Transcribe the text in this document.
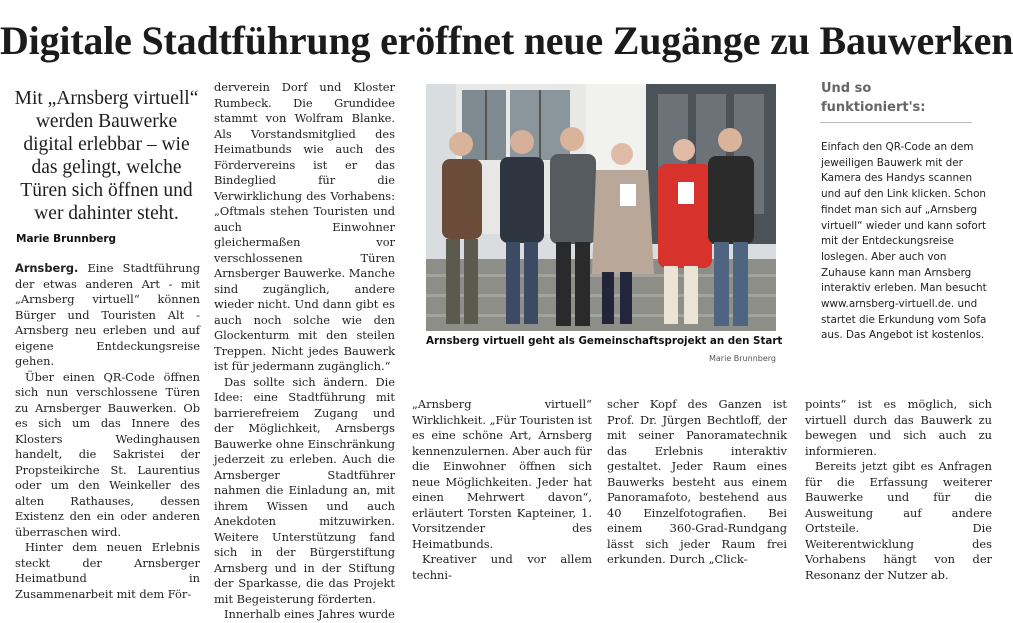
Digitale Stadtführung eröffnet neue Zugänge zu Bauwerken
Mit „Arnsberg virtuell“ werden Bauwerke digital erlebbar – wie das gelingt, welche Türen sich öffnen und wer dahinter steht.
Marie Brunnberg

Arnsberg. Eine Stadtführung der etwas anderen Art - mit „Arnsberg virtuell“ können Bürger und Touristen Alt - Arnsberg neu erleben und auf eigene Entdeckungsreise gehen.

Über einen QR-Code öffnen sich nun verschlossene Türen zu Arnsberger Bauwerken. Ob es sich um das Innere des Klosters Wedinghausen handelt, die Sakristei der Propsteikirche St. Laurentius oder um den Weinkeller des alten Rathauses, dessen Existenz den ein oder anderen überraschen wird.

Hinter dem neuen Erlebnis steckt der Arnsberger Heimatbund in Zusammenarbeit mit dem För-

derverein Dorf und Kloster Rumbeck. Die Grundidee stammt von Wolfram Blanke. Als Vorstandsmitglied des Heimatbunds wie auch des Fördervereins ist er das Bindeglied für die Verwirklichung des Vorhabens: „Oftmals stehen Touristen und auch Einwohner gleichermaßen vor verschlossenen Türen Arnsberger Bauwerke. Manche sind zugänglich, andere wieder nicht. Und dann gibt es auch noch solche wie den Glockenturm mit den steilen Treppen. Nicht jedes Bauwerk ist für jedermann zugänglich.“

Das sollte sich ändern. Die Idee: eine Stadtführung mit barrierefreiem Zugang und der Möglichkeit, Arnsbergs Bauwerke ohne Einschränkung jederzeit zu erleben. Auch die Arnsberger Stadtführer nahmen die Einladung an, mit ihrem Wissen und auch Anekdoten mitzuwirken. Weitere Unterstützung fand sich in der Bürgerstiftung Arnsberg und in der Stiftung der Sparkasse, die das Projekt mit Begeisterung förderten.

Innerhalb eines Jahres wurde

Arnsberg virtuell geht als Gemeinschaftsprojekt an den Start
Marie Brunnberg

„Arnsberg virtuell“ Wirklichkeit. „Für Touristen ist es eine schöne Art, Arnsberg kennenzulernen. Aber auch für die Einwohner öffnen sich neue Möglichkeiten. Jeder hat einen Mehrwert davon“, erläutert Torsten Kapteiner, 1. Vorsitzender des Heimatbunds.

Kreativer und vor allem techni-

scher Kopf des Ganzen ist Prof. Dr. Jürgen Bechtloff, der mit seiner Panoramatechnik das Erlebnis interaktiv gestaltet. Jeder Raum eines Bauwerks besteht aus einem Panoramafoto, bestehend aus 40 Einzelfotografien. Bei einem 360-Grad-Rundgang lässt sich jeder Raum frei erkunden. Durch „Click-

points“ ist es möglich, sich virtuell durch das Bauwerk zu bewegen und sich auch zu informieren.

Bereits jetzt gibt es Anfragen für die Erfassung weiterer Bauwerke und für die Ausweitung auf andere Ortsteile. Die Weiterentwicklung des Vorhabens hängt von der Resonanz der Nutzer ab.

Und so
funktioniert's:
Einfach den QR-Code an dem jeweiligen Bauwerk mit der Kamera des Handys scannen und auf den Link klicken. Schon findet man sich auf „Arnsberg virtuell“ wieder und kann sofort mit der Entdeckungsreise loslegen. Aber auch von Zuhause kann man Arnsberg interaktiv erleben. Man besucht www.arnsberg-virtuell.de. und startet die Erkundung vom Sofa aus. Das Angebot ist kostenlos.
